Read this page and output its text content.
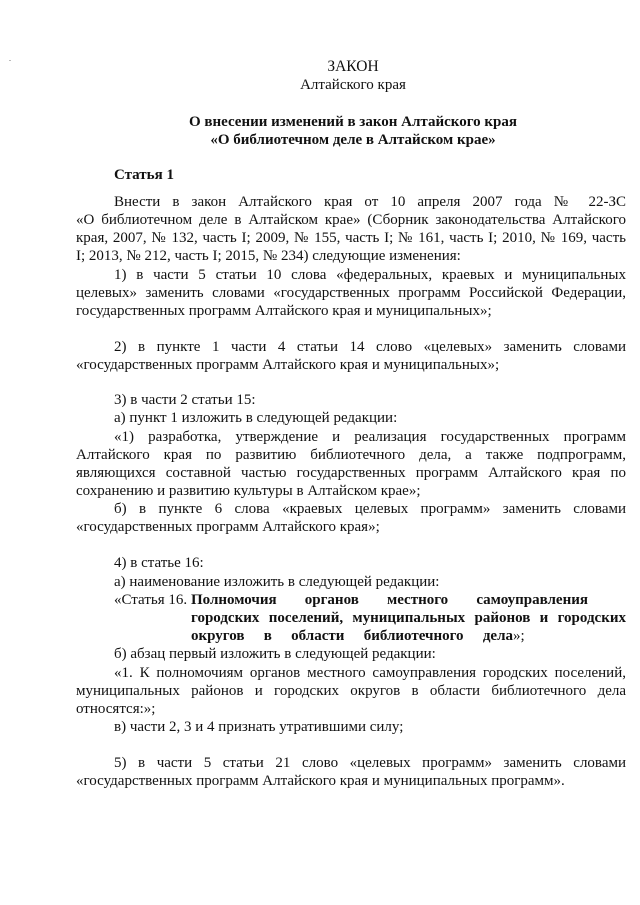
ЗАКОН
Алтайского края
О внесении изменений в закон Алтайского края
«О библиотечном деле в Алтайском крае»
Статья 1
Внести в закон Алтайского края от 10 апреля 2007 года № 22-ЗС
«О библиотечном деле в Алтайском крае» (Сборник законодательства Алтайского
края, 2007, № 132, часть I; 2009, № 155, часть I; № 161, часть I; 2010, № 169, часть
I; 2013, № 212, часть I; 2015, № 234) следующие изменения:
1) в части 5 статьи 10 слова «федеральных, краевых и муниципальных
целевых» заменить словами «государственных программ Российской Федерации,
государственных программ Алтайского края и муниципальных»;
2) в пункте 1 части 4 статьи 14 слово «целевых» заменить словами
«государственных программ Алтайского края и муниципальных»;
3) в части 2 статьи 15:
а) пункт 1 изложить в следующей редакции:
«1) разработка, утверждение и реализация государственных программ
Алтайского края по развитию библиотечного дела, а также подпрограмм,
являющихся составной частью государственных программ Алтайского края по
сохранению и развитию культуры в Алтайском крае»;
б) в пункте 6 слова «краевых целевых программ» заменить словами
«государственных программ Алтайского края»;
4) в статье 16:
а) наименование изложить в следующей редакции:
«Статья 16. Полномочия органов местного самоуправления
городских поселений, муниципальных районов и городских
округов в области библиотечного дела »;
б) абзац первый изложить в следующей редакции:
«1. К полномочиям органов местного самоуправления городских поселений,
муниципальных районов и городских округов в области библиотечного дела
относятся:»;
в) части 2, 3 и 4 признать утратившими силу;
5) в части 5 статьи 21 слово «целевых программ» заменить словами
«государственных программ Алтайского края и муниципальных программ».
